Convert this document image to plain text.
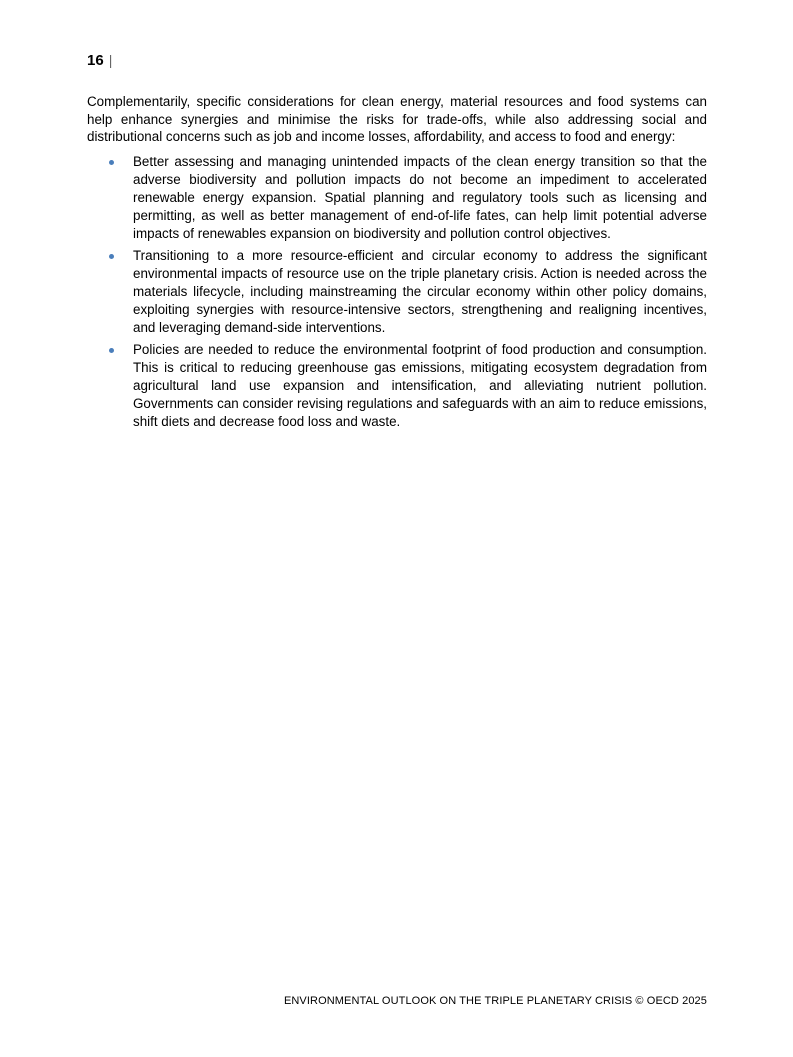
16 |

Complementarily, specific considerations for clean energy, material resources and food systems can help enhance synergies and minimise the risks for trade-offs, while also addressing social and distributional concerns such as job and income losses, affordability, and access to food and energy:

Better assessing and managing unintended impacts of the clean energy transition so that the adverse biodiversity and pollution impacts do not become an impediment to accelerated renewable energy expansion. Spatial planning and regulatory tools such as licensing and permitting, as well as better management of end-of-life fates, can help limit potential adverse impacts of renewables expansion on biodiversity and pollution control objectives.
Transitioning to a more resource-efficient and circular economy to address the significant environmental impacts of resource use on the triple planetary crisis. Action is needed across the materials lifecycle, including mainstreaming the circular economy within other policy domains, exploiting synergies with resource-intensive sectors, strengthening and realigning incentives, and leveraging demand-side interventions.
Policies are needed to reduce the environmental footprint of food production and consumption. This is critical to reducing greenhouse gas emissions, mitigating ecosystem degradation from agricultural land use expansion and intensification, and alleviating nutrient pollution. Governments can consider revising regulations and safeguards with an aim to reduce emissions, shift diets and decrease food loss and waste.
ENVIRONMENTAL OUTLOOK ON THE TRIPLE PLANETARY CRISIS © OECD 2025
